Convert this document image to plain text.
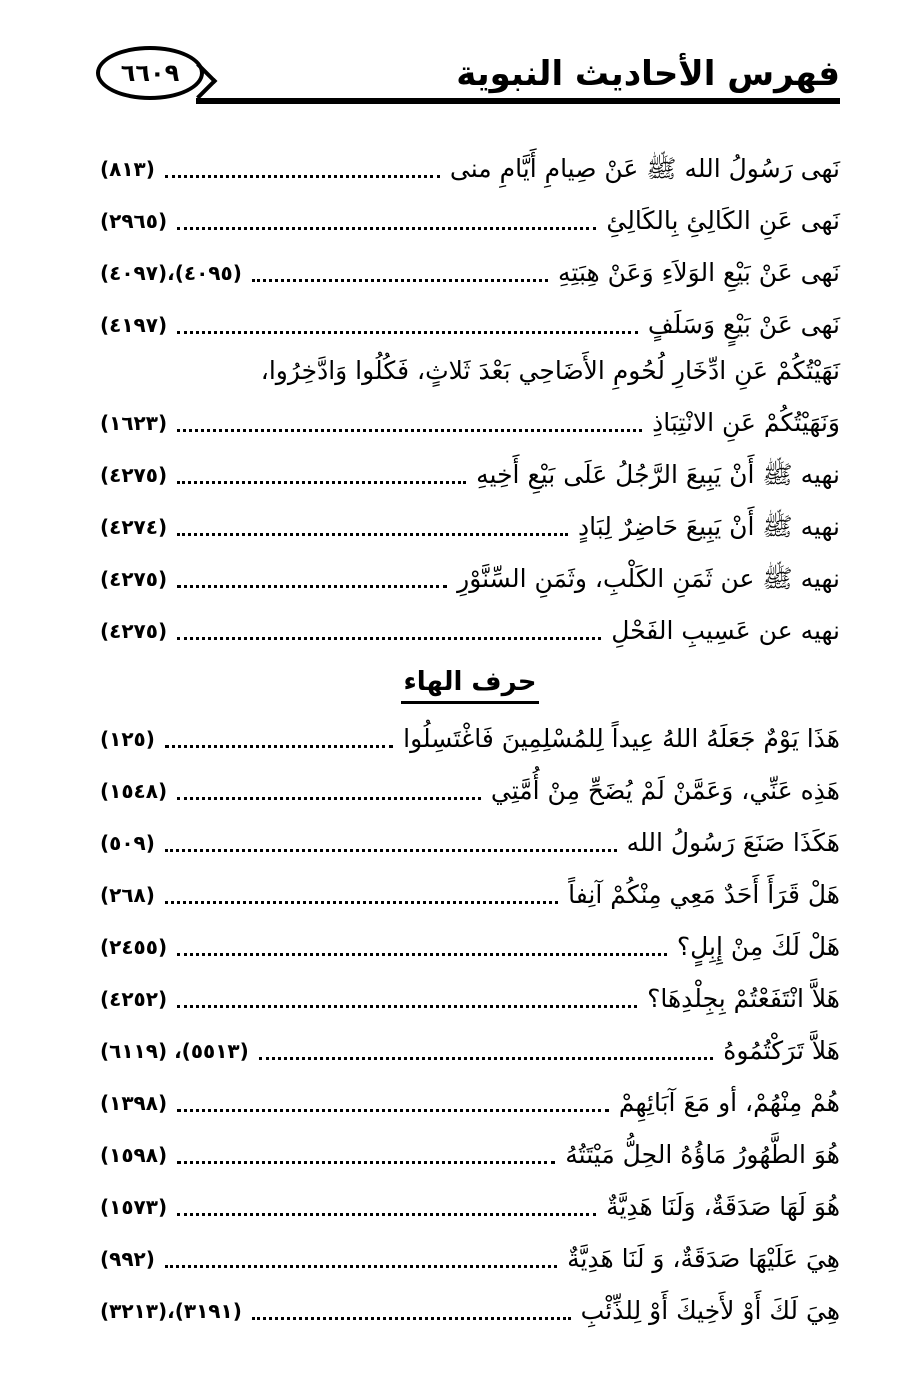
٦٦٠٩	فهرس الأحاديث النبوية
نَهى رَسُولُ الله ﷺ عَنْ صِيامِ أَيَّامِ منى
(٨١٣)
نَهى عَنِ الكَالِئِ بِالكَالِئِ
(٢٩٦٥)
نَهى عَنْ بَيْعِ الوَلاَءِ وَعَنْ هِبَتِهِ
(٤٠٩٥)،(٤٠٩٧)
نَهى عَنْ بَيْعٍ وَسَلَفٍ
(٤١٩٧)
نَهَيْتُكُمْ عَنِ ادِّخَارِ لُحُومِ الأَضَاحِي بَعْدَ ثَلاثٍ، فَكُلُوا وَادَّخِرُوا،
وَنَهَيْتُكُمْ عَنِ الانْتِبَاذِ
(١٦٢٣)
نهيه ﷺ أَنْ يَبِيعَ الرَّجُلُ عَلَى بَيْعِ أَخِيهِ
(٤٢٧٥)
نهيه ﷺ أَنْ يَبِيعَ حَاضِرٌ لِبَادٍ
(٤٢٧٤)
نهيه ﷺ عن ثَمَنِ الكَلْبِ، وثَمَنِ السِّنَّوْرِ
(٤٢٧٥)
نهيه عن عَسِيبِ الفَحْلِ
(٤٢٧٥)
حرف الهاء
هَذَا يَوْمٌ جَعَلَهُ اللهُ عِيداً لِلمُسْلِمِينَ فَاغْتَسِلُوا
(١٢٥)
هَذِه عَنِّي، وَعَمَّنْ لَمْ يُضَحِّ مِنْ أُمَّتِي
(١٥٤٨)
هَكَذَا صَنَعَ رَسُولُ الله
(٥٠٩)
هَلْ قَرَأَ أَحَدٌ مَعِي مِنْكُمْ آنِفاً
(٢٦٨)
هَلْ لَكَ مِنْ إِبِلٍ؟
(٢٤٥٥)
هَلاَّ انْتَفَعْتُمْ بِجِلْدِهَا؟
(٤٢٥٢)
هَلاَّ تَرَكْتُمُوهُ
(٥٥١٣)، (٦١١٩)
هُمْ مِنْهُمْ، أو مَعَ آبَائِهِمْ
(١٣٩٨)
هُوَ الطَّهُورُ مَاؤُهُ الحِلُّ مَيْتَتُهُ
(١٥٩٨)
هُوَ لَهَا صَدَقَةٌ، وَلَنَا هَدِيَّةٌ
(١٥٧٣)
هِيَ عَلَيْهَا صَدَقَةٌ، وَ لَنَا هَدِيَّةٌ
(٩٩٢)
هِيَ لَكَ أَوْ لأَخِيكَ أَوْ لِلذِّئْبِ
(٣١٩١)،(٣٢١٣)
